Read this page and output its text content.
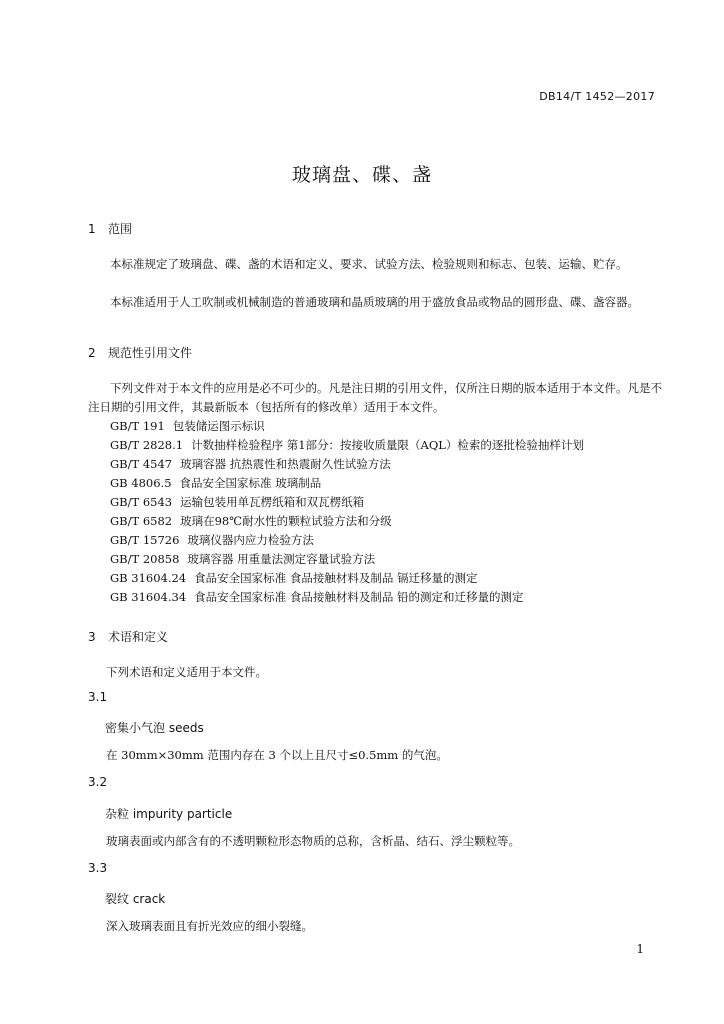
DB14/T 1452—2017
玻璃盘、碟、盏
1 范围
本标准规定了玻璃盘、碟、盏的术语和定义、要求、试验方法、检验规则和标志、包装、运输、贮存。
本标准适用于人工吹制或机械制造的普通玻璃和晶质玻璃的用于盛放食品或物品的圆形盘、碟、盏容器。
2 规范性引用文件
下列文件对于本文件的应用是必不可少的。凡是注日期的引用文件，仅所注日期的版本适用于本文件。凡是不注日期的引用文件，其最新版本（包括所有的修改单）适用于本文件。
GB/T 191 包装储运图示标识
GB/T 2828.1 计数抽样检验程序 第1部分：按接收质量限（AQL）检索的逐批检验抽样计划
GB/T 4547 玻璃容器 抗热震性和热震耐久性试验方法
GB 4806.5 食品安全国家标准 玻璃制品
GB/T 6543 运输包装用单瓦楞纸箱和双瓦楞纸箱
GB/T 6582 玻璃在98℃耐水性的颗粒试验方法和分级
GB/T 15726 玻璃仪器内应力检验方法
GB/T 20858 玻璃容器 用重量法测定容量试验方法
GB 31604.24 食品安全国家标准 食品接触材料及制品 镉迁移量的测定
GB 31604.34 食品安全国家标准 食品接触材料及制品 铅的测定和迁移量的测定
3 术语和定义
下列术语和定义适用于本文件。
3.1
密集小气泡 seeds
在 30mm×30mm 范围内存在 3 个以上且尺寸≤0.5mm 的气泡。
3.2
杂粒 impurity particle
玻璃表面或内部含有的不透明颗粒形态物质的总称，含析晶、结石、浮尘颗粒等。
3.3
裂纹 crack
深入玻璃表面且有折光效应的细小裂缝。
1
